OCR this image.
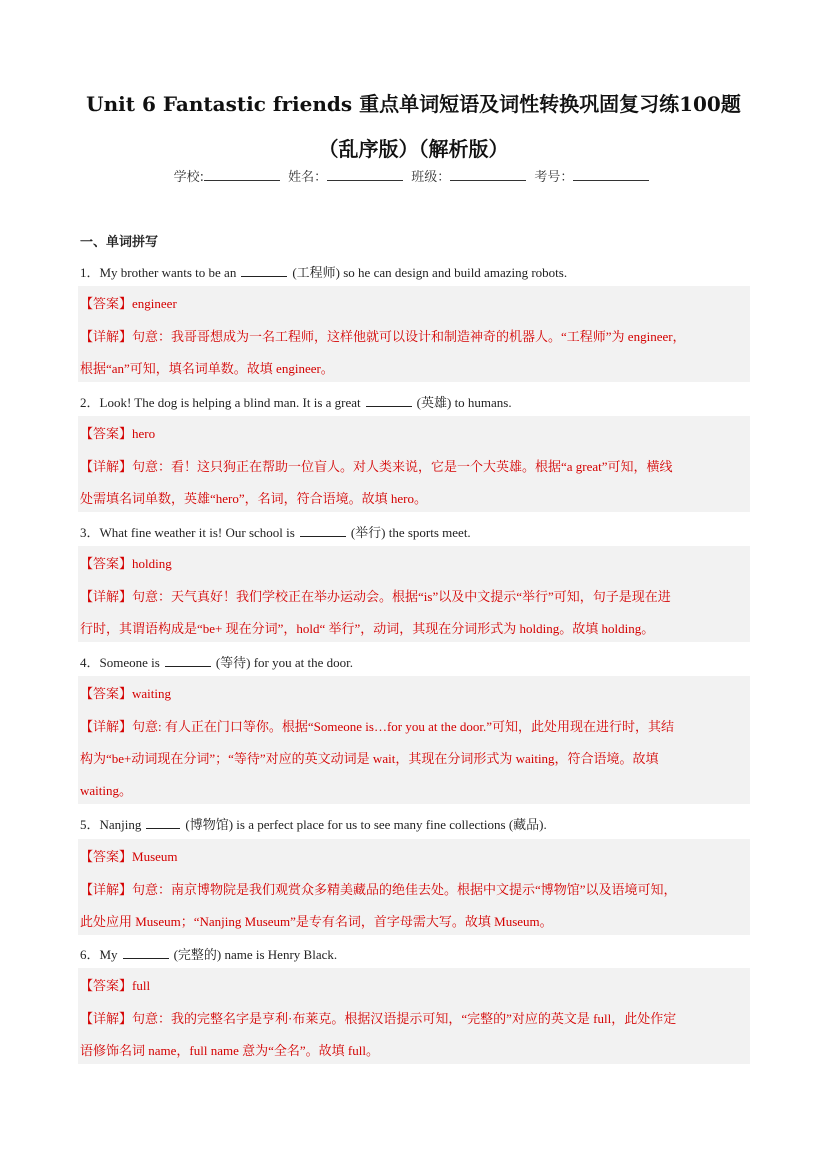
Unit 6 Fantastic friends 重点单词短语及词性转换巩固复习练100题
（乱序版）（解析版）
学校:	姓名：	班级：	考号：
一、单词拼写
1．My brother wants to be an	(工程师) so he can design and build amazing robots.
【答案】engineer
【详解】句意：我哥哥想成为一名工程师，这样他就可以设计和制造神奇的机器人。“工程师”为 engineer，
根据“an”可知，填名词单数。故填 engineer。
2．Look! The dog is helping a blind man. It is a great	(英雄) to humans.
【答案】hero
【详解】句意：看！这只狗正在帮助一位盲人。对人类来说，它是一个大英雄。根据“a great”可知，横线
处需填名词单数，英雄“hero”，名词，符合语境。故填 hero。
3．What fine weather it is! Our school is	(举行) the sports meet.
【答案】holding
【详解】句意：天气真好！我们学校正在举办运动会。根据“is”以及中文提示“举行”可知，句子是现在进
行时，其谓语构成是“be+ 现在分词”，hold“ 举行”，动词，其现在分词形式为 holding。故填 holding。
4．Someone is	(等待) for you at the door.
【答案】waiting
【详解】句意: 有人正在门口等你。根据“Someone is…for you at the door.”可知，此处用现在进行时，其结
构为“be+动词现在分词”；“等待”对应的英文动词是 wait，其现在分词形式为 waiting，符合语境。故填
waiting。
5．Nanjing	(博物馆) is a perfect place for us to see many fine collections (藏品).
【答案】Museum
【详解】句意：南京博物院是我们观赏众多精美藏品的绝佳去处。根据中文提示“博物馆”以及语境可知，
此处应用 Museum；“Nanjing Museum”是专有名词，首字母需大写。故填 Museum。
6．My	(完整的) name is Henry Black.
【答案】full
【详解】句意：我的完整名字是亨利·布莱克。根据汉语提示可知，“完整的”对应的英文是 full，此处作定
语修饰名词 name，full name 意为“全名”。故填 full。
